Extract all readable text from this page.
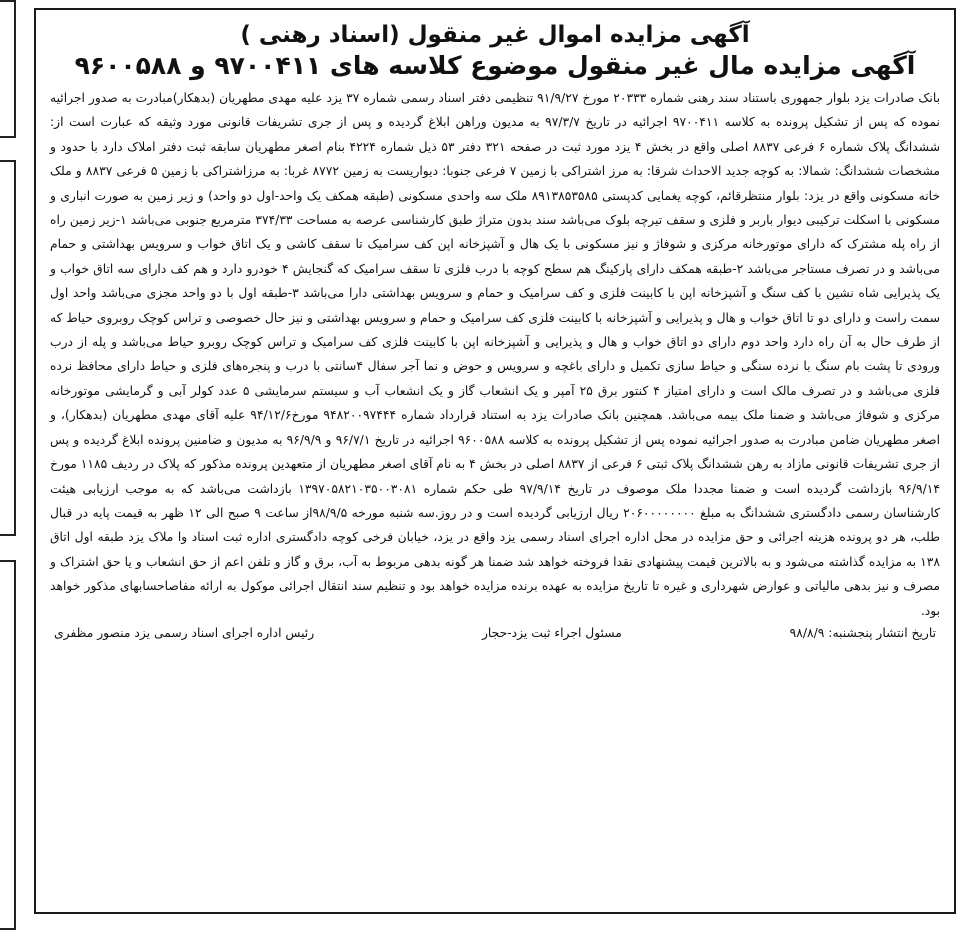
آگهی مزایده اموال غیر منقول (اسناد رهنی )

آگهی مزایده مال غیر منقول موضوع کلاسه های ۹۷۰۰۴۱۱ و ۹۶۰۰۵۸۸

بانک صادرات یزد بلوار جمهوری باستناد سند رهنی شماره ۲۰۳۳۳ مورخ ۹۱/۹/۲۷ تنظیمی دفتر اسناد رسمی شماره ۳۷ یزد علیه مهدی مطهریان (بدهکار)مبادرت به صدور اجرائیه نموده که پس از تشکیل پرونده به کلاسه ۹۷۰۰۴۱۱ اجرائیه در تاریخ ۹۷/۳/۷ به مدیون وراهن ابلاغ گردیده و پس از جری تشریفات قانونی مورد وثیقه که عبارت است از: ششدانگ پلاک شماره ۶ فرعی ۸۸۳۷ اصلی واقع در بخش ۴ یزد مورد ثبت در صفحه ۳۲۱ دفتر ۵۳ ذیل شماره ۴۲۲۴ بنام اصغر مطهریان سابقه ثبت دفتر املاک دارد با حدود و مشخصات ششدانگ: شمالا: به کوچه جدید الاحداث شرقا: به مرز اشتراکی با زمین ۷ فرعی جنوبا: دیواریست به زمین ۸۷۷۲ غربا: به مرزاشتراکی با زمین ۵ فرعی ۸۸۳۷ و ملک خانه مسکونی واقع در یزد: بلوار منتظرقائم، کوچه یغمایی کدپستی ۸۹۱۳۸۵۳۵۸۵ ملک سه واحدی مسکونی (طبقه همکف یک واحد-اول دو واحد) و زیر زمین به صورت انباری و مسکونی با اسکلت ترکیبی دیوار باربر و فلزی و سقف تیرچه بلوک می‌باشد سند بدون متراژ طبق کارشناسی عرصه به مساحت ۳۷۴/۳۳ مترمربع جنوبی می‌باشد ۱-زیر زمین راه از راه پله مشترک که دارای موتورخانه مرکزی و شوفاژ و نیز مسکونی با یک هال و آشپزخانه اپن کف سرامیک تا سقف کاشی و یک اتاق خواب و سرویس بهداشتی و حمام می‌باشد و در تصرف مستاجر می‌باشد ۲-طبقه همکف دارای پارکینگ هم سطح کوچه با درب فلزی تا سقف سرامیک که گنجایش ۴ خودرو دارد و هم کف دارای سه اتاق خواب و یک پذیرایی شاه نشین با کف سنگ و آشپزخانه اپن با کابینت فلزی و کف سرامیک و حمام و سرویس بهداشتی دارا می‌باشد ۳-طبقه اول با دو واحد مجزی می‌باشد واحد اول سمت راست و دارای دو تا اتاق خواب و هال و پذیرایی و آشپزخانه با کابینت فلزی کف سرامیک و حمام و سرویس بهداشتی و نیز حال خصوصی و تراس کوچک روبروی حیاط که از طرف حال به آن راه دارد واحد دوم دارای دو اتاق خواب و هال و پذیرایی و آشپزخانه اپن با کابینت فلزی کف سرامیک و تراس کوچک روبرو حیاط می‌باشد و پله از درب ورودی تا پشت بام سنگ با نرده سنگی و حیاط سازی تکمیل و دارای باغچه و سرویس و حوض و نما آجر سفال ۴سانتی با درب و پنجره‌های فلزی و حیاط دارای محافظ نرده فلزی می‌باشد و در تصرف مالک است و دارای امتیاز ۴ کنتور برق ۲۵ آمپر و یک انشعاب گاز و یک انشعاب آب و سیستم سرمایشی ۵ عدد کولر آبی و گرمایشی موتورخانه مرکزی و شوفاژ می‌باشد و ضمنا ملک بیمه می‌باشد. همچنین بانک صادرات یزد به استناد قرارداد شماره ۹۴۸۲۰۰۹۷۴۴۴ مورخ۹۴/۱۲/۶ علیه آقای مهدی مطهریان (بدهکار)، و اصغر مطهریان ضامن مبادرت به صدور اجرائیه نموده پس از تشکیل پرونده به کلاسه ۹۶۰۰۵۸۸ اجرائیه در تاریخ ۹۶/۷/۱ و ۹۶/۹/۹ به مدیون و ضامنین پرونده ابلاغ گردیده و پس از جری تشریفات قانونی مازاد به رهن ششدانگ پلاک ثبتی ۶ فرعی از ۸۸۳۷ اصلی در بخش ۴ به نام آقای اصغر مطهریان از متعهدین پرونده مذکور که پلاک در ردیف ۱۱۸۵ مورخ ۹۶/۹/۱۴ بازداشت گردیده است و ضمنا مجددا ملک موصوف در تاریخ ۹۷/۹/۱۴ طی حکم شماره ۱۳۹۷۰۵۸۲۱۰۳۵۰۰۳۰۸۱ بازداشت می‌باشد که به موجب ارزیابی هیئت کارشناسان رسمی دادگستری ششدانگ به مبلغ ۲۰۶۰۰۰۰۰۰۰۰ ریال ارزیابی گردیده است و در روز.سه شنبه مورخه ۹۸/۹/۵از ساعت ۹ صبح الی ۱۲ ظهر به قیمت پایه در قبال طلب، هر دو پرونده هزینه اجرائی و حق مزایده در محل اداره اجرای اسناد رسمی یزد واقع در یزد، خیابان فرخی کوچه دادگستری اداره ثبت اسناد وا ملاک یزد طبقه اول اتاق ۱۳۸ به مزایده گذاشته می‌شود و به بالاترین قیمت پیشنهادی نقدا فروخته خواهد شد ضمنا هر گونه بدهی مربوط به آب، برق و گاز و تلفن اعم از حق انشعاب و یا حق اشتراک و مصرف و نیز بدهی مالیاتی و عوارض شهرداری و غیره تا تاریخ مزایده به عهده برنده مزایده خواهد بود و تنظیم سند انتقال اجرائی موکول به ارائه مفاصاحسابهای مذکور خواهد بود.

تاریخ انتشار پنجشنبه: ۹۸/۸/۹
مسئول اجراء ثبت یزد-حجار
رئیس اداره اجرای اسناد رسمی یزد منصور مظفری
